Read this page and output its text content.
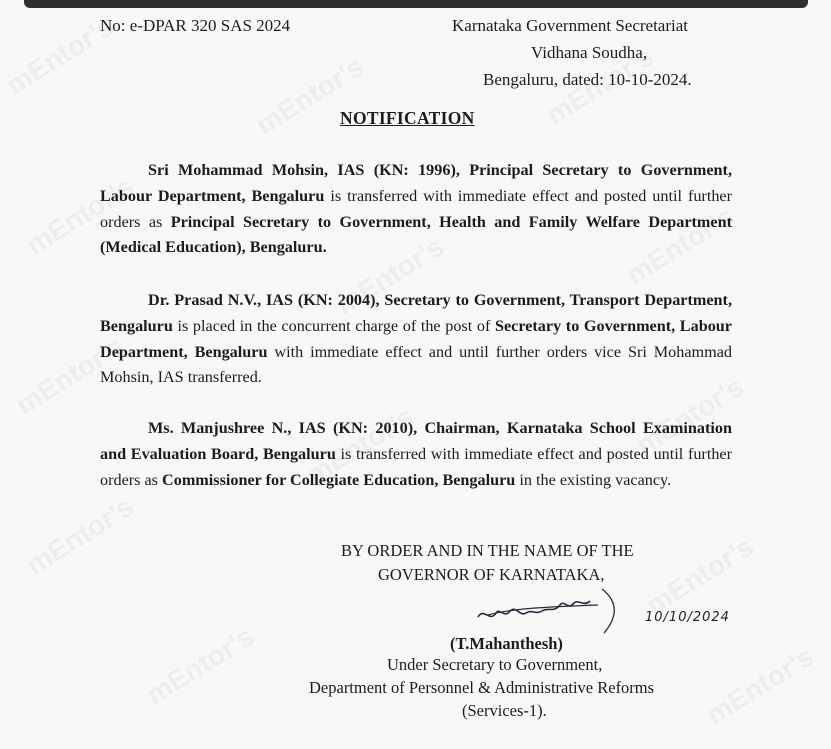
No: e-DPAR 320 SAS 2024	Karnataka Government Secretariat
Vidhana Soudha,
Bengaluru, dated: 10-10-2024.
NOTIFICATION
Sri Mohammad Mohsin, IAS (KN: 1996), Principal Secretary to Government, Labour Department, Bengaluru is transferred with immediate effect and posted until further orders as Principal Secretary to Government, Health and Family Welfare Department (Medical Education), Bengaluru.
Dr. Prasad N.V., IAS (KN: 2004), Secretary to Government, Transport Department, Bengaluru is placed in the concurrent charge of the post of Secretary to Government, Labour Department, Bengaluru with immediate effect and until further orders vice Sri Mohammad Mohsin, IAS transferred.
Ms. Manjushree N., IAS (KN: 2010), Chairman, Karnataka School Examination and Evaluation Board, Bengaluru is transferred with immediate effect and posted until further orders as Commissioner for Collegiate Education, Bengaluru in the existing vacancy.
BY ORDER AND IN THE NAME OF THE
GOVERNOR OF KARNATAKA,
10/10/2024
(T.Mahanthesh)
Under Secretary to Government,
Department of Personnel & Administrative Reforms
(Services-1).
